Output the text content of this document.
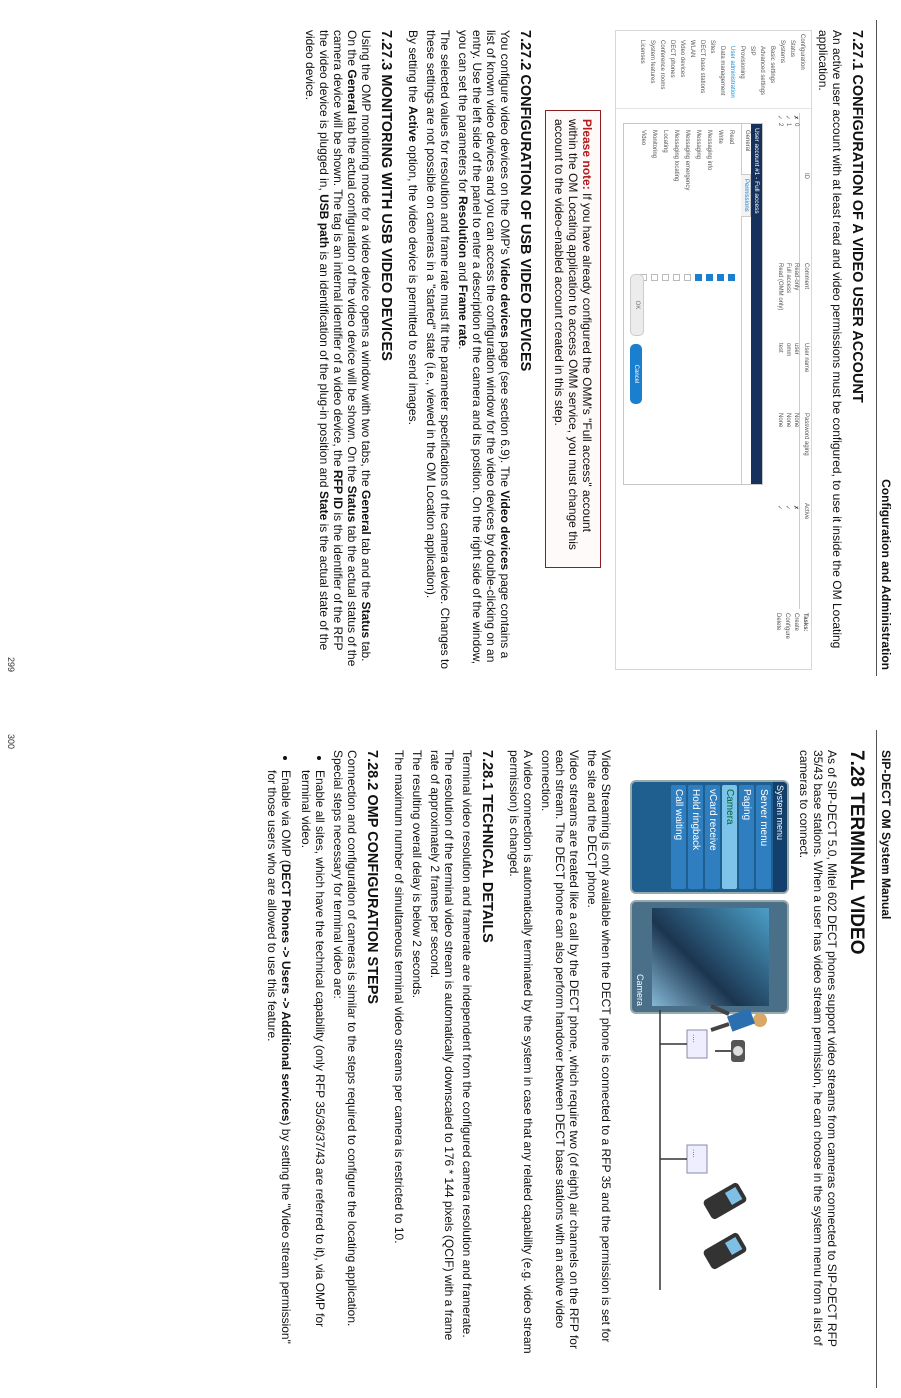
Configuration and Administration
7.27.1 CONFIGURATION OF A VIDEO USER ACCOUNT

An active user account with at least read and video permissions must be configured, to use it inside the OM Locating application.

Configuration
Status
Systems
Basic settings
Advanced settings
SIP
Provisioning
User administration
Data management
Sites
DECT base stations
WLAN
Video devices
DECT phones
Conference rooms
System features
Licenses
ID
Comment
User name
Password aging
Active
✗
0
Read-only
user
None
✗
✓
1
Full access
omm
None
✓
✓
2
Read (OMM only)
test
None
✓
Tasks:
Create
Configure
Delete
User account #1 - Full access
General
Permissions
Read
Write
Messaging info
Messaging
Messaging emergency
Messaging locating
Locating
Monitoring
Video
OK
Cancel
Please note: If you have already configured the OMM's "Full access" account within the OM Locating application to access OMM service, you must change this account to the video-enabled account created in this step.
7.27.2 CONFIGURATION OF USB VIDEO DEVICES

You configure video devices on the OMP's Video devices page (see section 6.9). The Video devices page contains a list of known video devices and you can access the configuration window for the video devices by double-clicking on an entry. Use the left side of the panel to enter a description of the camera and its position. On the right side of the window, you can set the parameters for Resolution and Frame rate.

The selected values for resolution and frame rate must fit the parameter specifications of the camera device. Changes to these settings are not possible on cameras in a "started" state (i.e., viewed in the OM Location application).

By setting the Active option, the video device is permitted to send images.

7.27.3 MONITORING WITH USB VIDEO DEVICES

Using the OMP monitoring mode for a video device opens a window with two tabs, the General tab and the Status tab. On the General tab the actual configuration of the video device will be shown. On the Status tab the actual status of the camera device will be shown. The tag is an internal identifier of a video device, the RFP ID is the identifier of the RFP the video device is plugged in, USB path is an identification of the plug-in position and State is the actual state of the video device.

299
SIP-DECT OM System Manual
7.28 TERMINAL VIDEO

As of SIP-DECT 5.0, Mitel 602 DECT phones support video streams from cameras connected to SIP-DECT RFP 35/43 base stations. When a user has video stream permission, he can choose in the system menu from a list of cameras to connect.

System menu
Server menu
Paging
Camera
vCard receive
Hold ringback
Call waiting
Camera
....
....

Video Streaming is only available when the DECT phone is connected to a RFP 35 and the permission is set for the site and the DECT phone.

Video streams are treated like a call by the DECT phone, which require two (of eight) air channels on the RFP for each stream. The DECT phone can also perform handover between DECT base stations with an active video connection.

A video connection is automatically terminated by the system in case that any related capability (e.g. video stream permission) is changed.

7.28.1 TECHNICAL DETAILS

Terminal video resolution and framerate are independent from the configured camera resolution and framerate.

The resolution of the terminal video stream is automatically downscaled to 176 * 144 pixels (QCIF) with a frame rate of approximately 2 frames per second.

The resulting overall delay is below 2 seconds.

The maximum number of simultaneous terminal video streams per camera is restricted to 10.

7.28.2 OMP CONFIGURATION STEPS

Connection and configuration of cameras is similar to the steps required to configure the locating application. Special steps necessary for terminal video are:

• Enable all sites, which have the technical capability (only RFP 35/36/37/43 are referred to it), via OMP for terminal video.
• Enable via OMP (DECT Phones -> Users -> Additional services) by setting the "Video stream permission" for those users who are allowed to use this feature.
300
